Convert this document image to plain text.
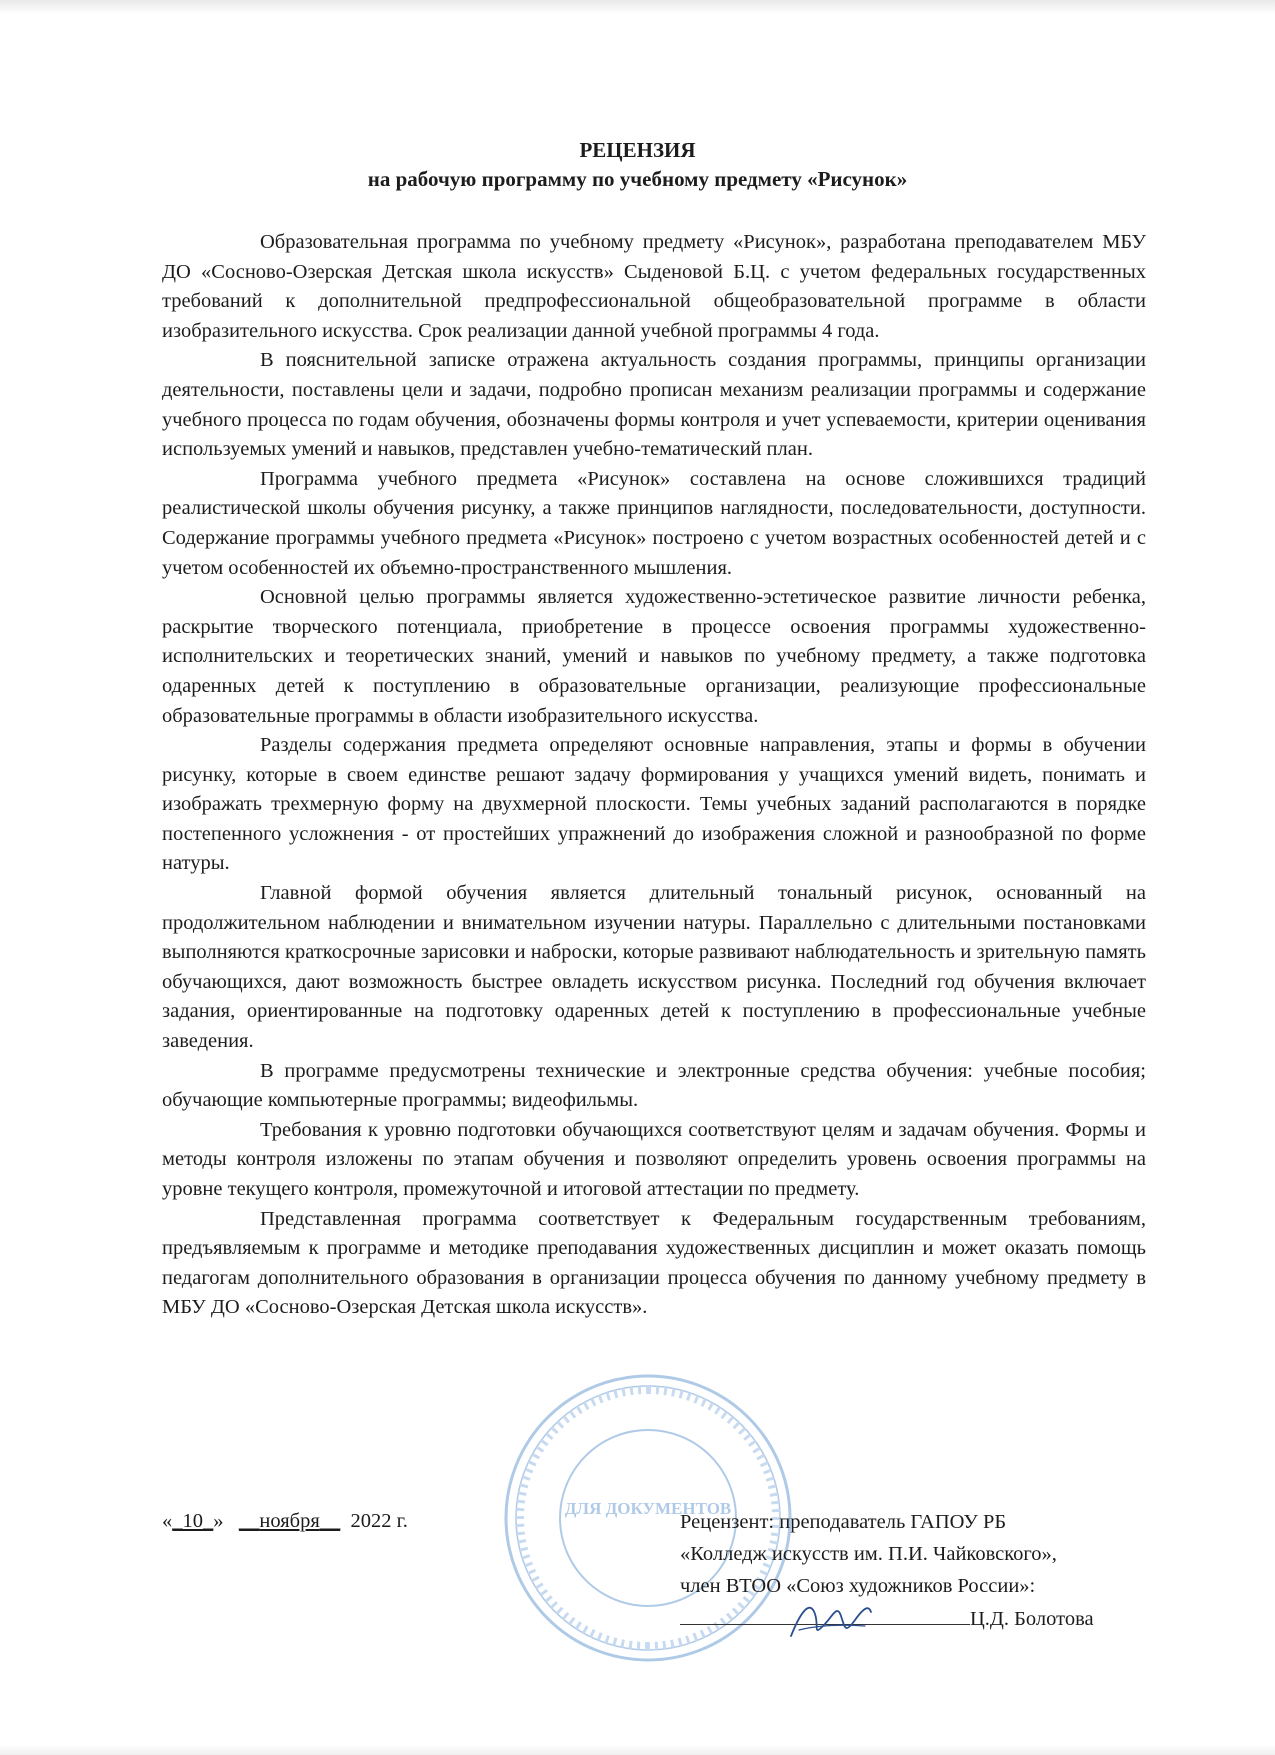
РЕЦЕНЗИЯ
на рабочую программу по учебному предмету «Рисунок»

Образовательная программа по учебному предмету «Рисунок», разработана преподавателем МБУ ДО «Сосново-Озерская Детская школа искусств» Сыденовой Б.Ц. с учетом федеральных государственных требований к дополнительной предпрофессиональной общеобразовательной программе в области изобразительного искусства. Срок реализации данной учебной программы 4 года.

В пояснительной записке отражена актуальность создания программы, принципы организации деятельности, поставлены цели и задачи, подробно прописан механизм реализации программы и содержание учебного процесса по годам обучения, обозначены формы контроля и учет успеваемости, критерии оценивания используемых умений и навыков, представлен учебно-тематический план.

Программа учебного предмета «Рисунок» составлена на основе сложившихся традиций реалистической школы обучения рисунку, а также принципов наглядности, последовательности, доступности. Содержание программы учебного предмета «Рисунок» построено с учетом возрастных особенностей детей и с учетом особенностей их объемно-пространственного мышления.

Основной целью программы является художественно-эстетическое развитие личности ребенка, раскрытие творческого потенциала, приобретение в процессе освоения программы художественно-исполнительских и теоретических знаний, умений и навыков по учебному предмету, а также подготовка одаренных детей к поступлению в образовательные организации, реализующие профессиональные образовательные программы в области изобразительного искусства.

Разделы содержания предмета определяют основные направления, этапы и формы в обучении рисунку, которые в своем единстве решают задачу формирования у учащихся умений видеть, понимать и изображать трехмерную форму на двухмерной плоскости. Темы учебных заданий располагаются в порядке постепенного усложнения - от простейших упражнений до изображения сложной и разнообразной по форме натуры.

Главной формой обучения является длительный тональный рисунок, основанный на продолжительном наблюдении и внимательном изучении натуры. Параллельно с длительными постановками выполняются краткосрочные зарисовки и наброски, которые развивают наблюдательность и зрительную память обучающихся, дают возможность быстрее овладеть искусством рисунка. Последний год обучения включает задания, ориентированные на подготовку одаренных детей к поступлению в профессиональные учебные заведения.

В программе предусмотрены технические и электронные средства обучения: учебные пособия; обучающие компьютерные программы; видеофильмы.

Требования к уровню подготовки обучающихся соответствуют целям и задачам обучения. Формы и методы контроля изложены по этапам обучения и позволяют определить уровень освоения программы на уровне текущего контроля, промежуточной и итоговой аттестации по предмету.

Представленная программа соответствует к Федеральным государственным требованиям, предъявляемым к программе и методике преподавания художественных дисциплин и может оказать помощь педагогам дополнительного образования в организации процесса обучения по данному учебному предмету в МБУ ДО «Сосново-Озерская Детская школа искусств».

ДЛЯ ДОКУМЕНТОВ
«_10_» __ноября__ 2022 г.	Рецензент: преподаватель ГАПОУ РБ
«Колледж искусств им. П.И. Чайковского»,
член ВТОО «Союз художников России»:
Ц.Д. Болотова
